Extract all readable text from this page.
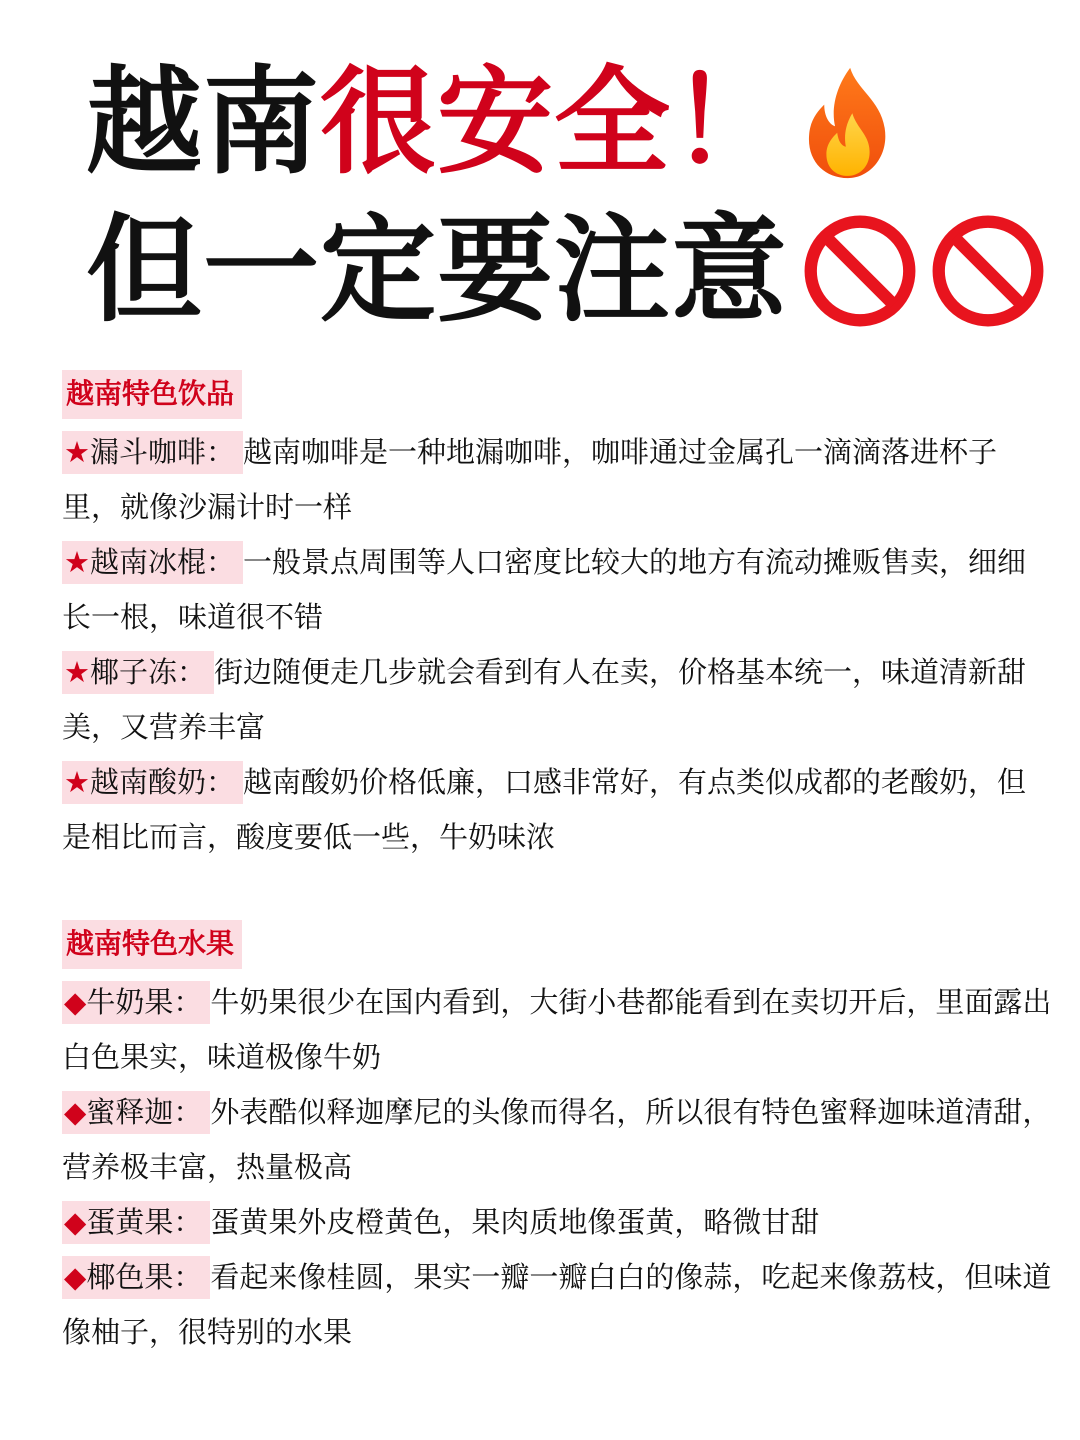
越南 很安全！
但一定要注意
越南特色饮品

★漏斗咖啡： 越南咖啡是一种地漏咖啡，咖啡通过金属孔一滴滴落进杯子里，就像沙漏计时一样

★越南冰棍： 一般景点周围等人口密度比较大的地方有流动摊贩售卖，细细长一根，味道很不错

★椰子冻： 街边随便走几步就会看到有人在卖，价格基本统一，味道清新甜美，又营养丰富

★越南酸奶： 越南酸奶价格低廉，口感非常好，有点类似成都的老酸奶，但是相比而言，酸度要低一些，牛奶味浓

越南特色水果

◆牛奶果： 牛奶果很少在国内看到，大街小巷都能看到在卖切开后，里面露出白色果实，味道极像牛奶

◆蜜释迦： 外表酷似释迦摩尼的头像而得名，所以很有特色蜜释迦味道清甜，营养极丰富，热量极高

◆蛋黄果： 蛋黄果外皮橙黄色，果肉质地像蛋黄，略微甘甜

◆椰色果： 看起来像桂圆，果实一瓣一瓣白白的像蒜，吃起来像荔枝，但味道像柚子，很特别的水果
